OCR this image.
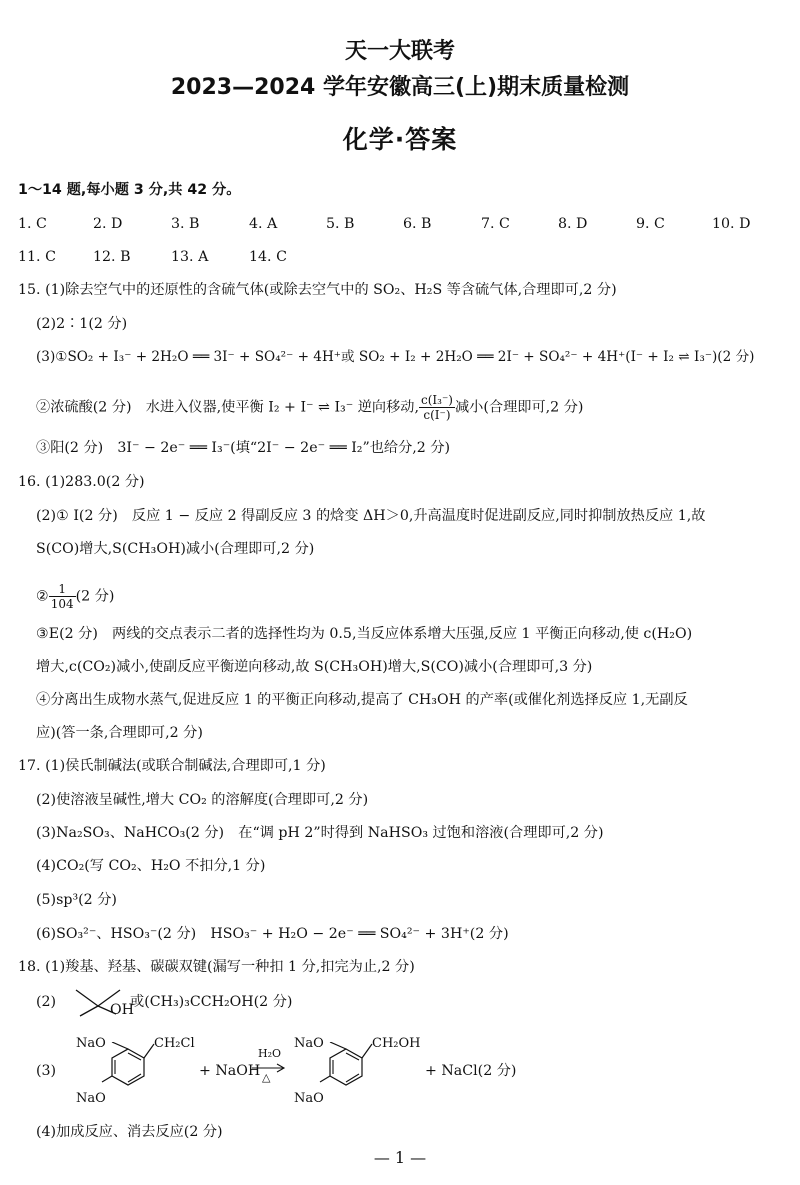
天一大联考
2023—2024 学年安徽高三(上)期末质量检测
化学·答案
1～14 题,每小题 3 分,共 42 分。
1. C	2. D	3. B	4. A	5. B	6. B	7. C	8. D	9. C	10. D
11. C	12. B	13. A	14. C
15. (1)除去空气中的还原性的含硫气体(或除去空气中的 SO₂、H₂S 等含硫气体,合理即可,2 分)
(2)2∶1(2 分)
(3)①SO₂ + I₃⁻ + 2H₂O ══ 3I⁻ + SO₄²⁻ + 4H⁺或 SO₂ + I₂ + 2H₂O ══ 2I⁻ + SO₄²⁻ + 4H⁺(I⁻ + I₂ ⇌ I₃⁻)(2 分)
②浓硫酸(2 分)　水进入仪器,使平衡 I₂ + I⁻ ⇌ I₃⁻ 逆向移动, $\frac{\text{c(I₃⁻)}}{c(I^-)}$ 减小(合理即可,2 分)
③阳(2 分)　3I⁻ − 2e⁻ ══ I₃⁻(填“2I⁻ − 2e⁻ ══ I₂”也给分,2 分)
16. (1)283.0(2 分)
(2)① Ⅰ(2 分)　反应 1 − 反应 2 得副反应 3 的焓变 ΔH＞0,升高温度时促进副反应,同时抑制放热反应 1,故
S(CO)增大,S(CH₃OH)减小(合理即可,2 分)
② $\frac{1}{104} (2$ 分)
③E(2 分)　两线的交点表示二者的选择性均为 0.5,当反应体系增大压强,反应 1 平衡正向移动,使 c(H₂O)
增大,c(CO₂)减小,使副反应平衡逆向移动,故 S(CH₃OH)增大,S(CO)减小(合理即可,3 分)
④分离出生成物水蒸气,促进反应 1 的平衡正向移动,提高了 CH₃OH 的产率(或催化剂选择反应 1,无副反
应)(答一条,合理即可,2 分)
17. (1)侯氏制碱法(或联合制碱法,合理即可,1 分)
(2)使溶液呈碱性,增大 CO₂ 的溶解度(合理即可,2 分)
(3)Na₂SO₃、NaHCO₃(2 分)　在“调 pH 2”时得到 NaHSO₃ 过饱和溶液(合理即可,2 分)
(4)CO₂(写 CO₂、H₂O 不扣分,1 分)
(5)sp³(2 分)
(6)SO₃²⁻、HSO₃⁻(2 分)　HSO₃⁻ + H₂O − 2e⁻ ══ SO₄²⁻ + 3H⁺(2 分)
18. (1)羧基、羟基、碳碳双键(漏写一种扣 1 分,扣完为止,2 分)
(2)	OH
或(CH₃)₃CCH₂OH(2 分)
(3)
NaO
NaO
CH₂Cl
+ NaOH
H₂O
△
NaO
NaO
CH₂OH
+ NaCl(2 分)
(4)加成反应、消去反应(2 分)
— 1 —
